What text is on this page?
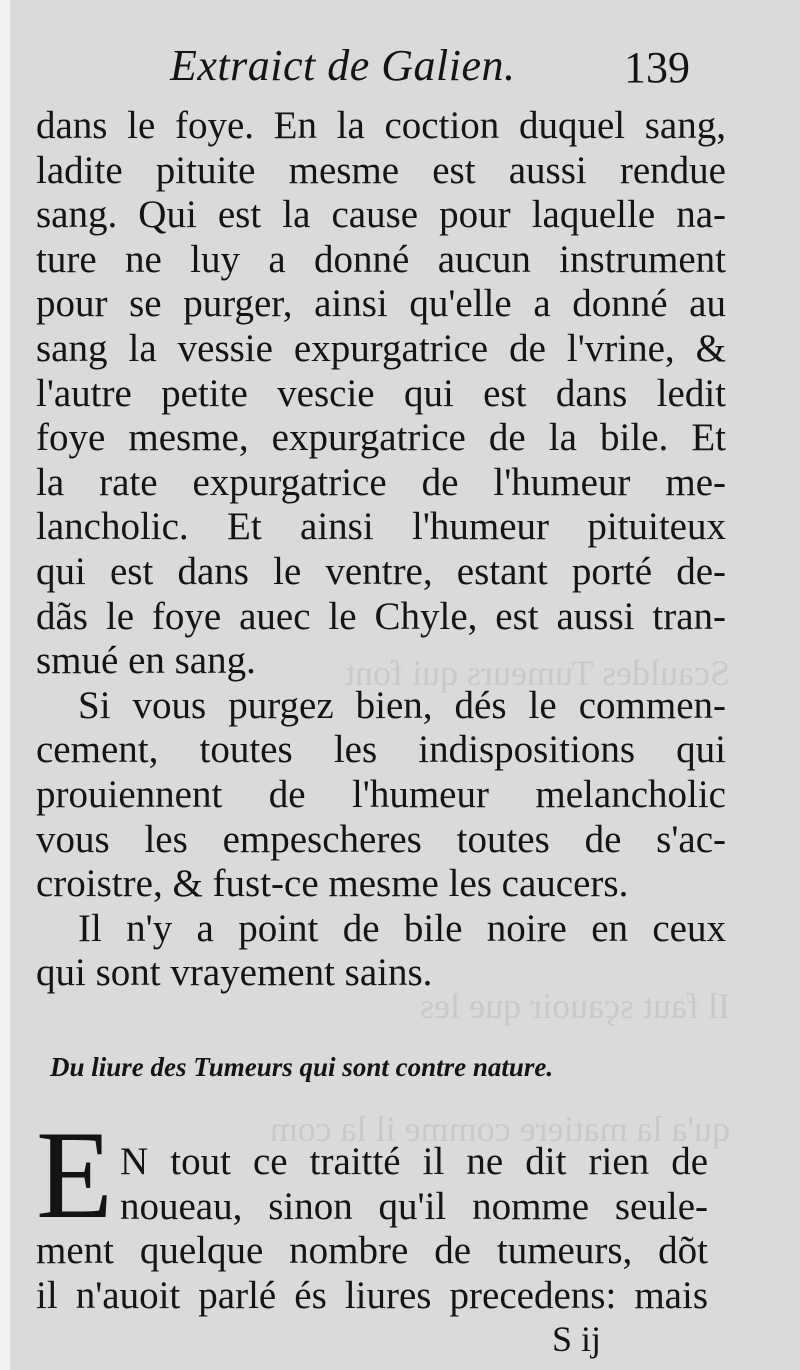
Scauldes Tumeurs qui font
Il faut sçauoir que les
qu'a la matiere comme il la com
Extraict de Galien. 139
dans le foye. En la coction duquel sang,
ladite pituite mesme est aussi rendue
sang. Qui est la cause pour laquelle na-
ture ne luy a donné aucun instrument
pour se purger, ainsi qu'elle a donné au
sang la vessie expurgatrice de l'vrine, &
l'autre petite vescie qui est dans ledit
foye mesme, expurgatrice de la bile. Et
la rate expurgatrice de l'humeur me-
lancholic. Et ainsi l'humeur pituiteux
qui est dans le ventre, estant porté de-
dãs le foye auec le Chyle, est aussi tran-
smué en sang.
Si vous purgez bien, dés le commen-
cement, toutes les indispositions qui
prouiennent de l'humeur melancholic
vous les empescheres toutes de s'ac-
croistre, & fust-ce mesme les caucers.
Il n'y a point de bile noire en ceux
qui sont vrayement sains.
Du liure des Tumeurs qui sont contre nature.
E N tout ce traitté il ne dit rien de
noueau, sinon qu'il nomme seule-
ment quelque nombre de tumeurs, dõt
il n'auoit parlé és liures precedens: mais
S ij
